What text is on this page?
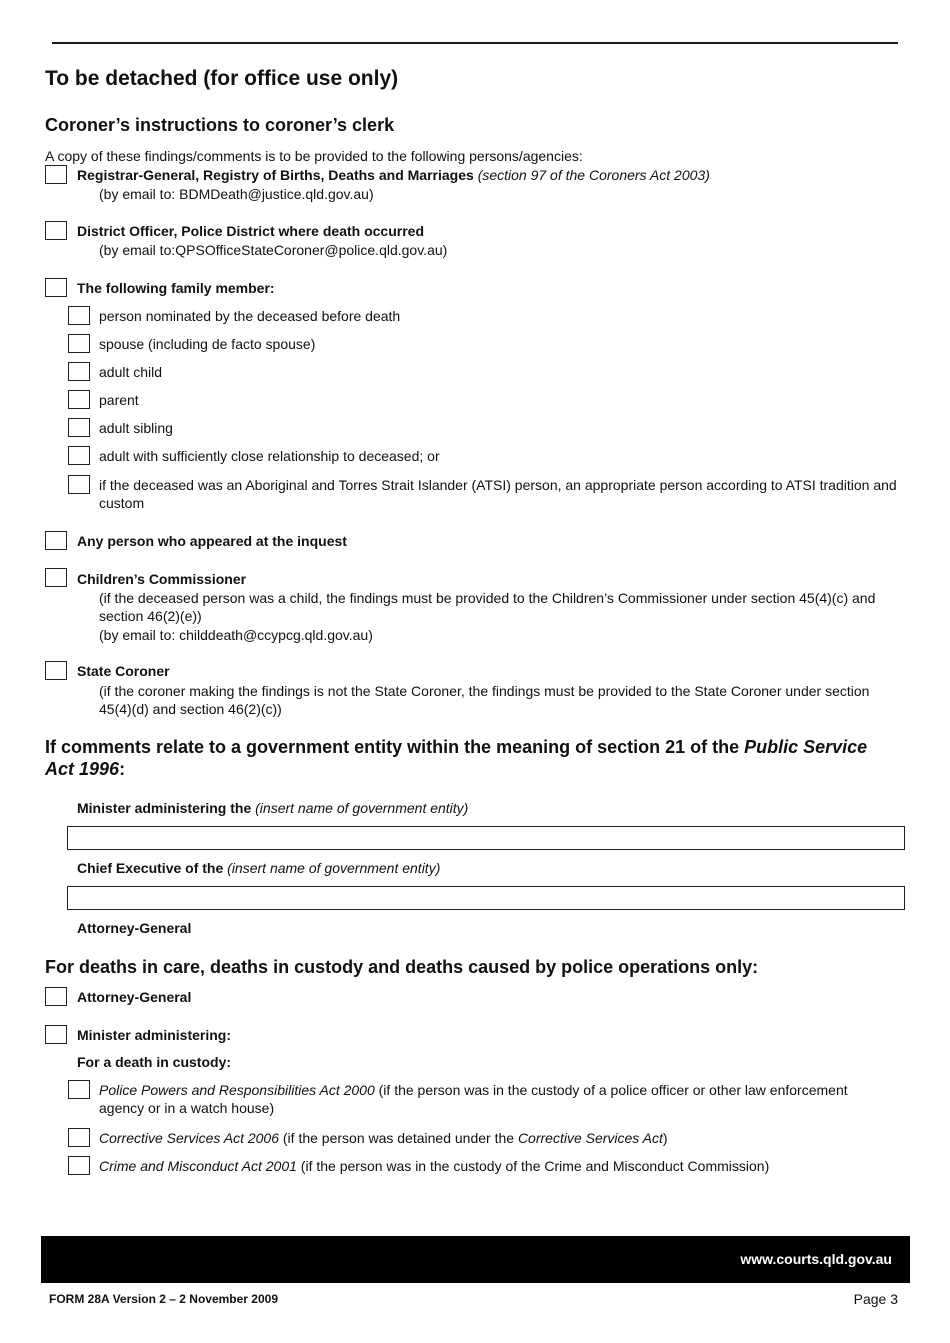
To be detached (for office use only)
Coroner’s instructions to coroner’s clerk
A copy of these findings/comments is to be provided to the following persons/agencies:
Registrar-General, Registry of Births, Deaths and Marriages (section 97 of the Coroners Act 2003)
(by email to: BDMDeath@justice.qld.gov.au)
District Officer, Police District where death occurred
(by email to:QPSOfficeStateCoroner@police.qld.gov.au)
The following family member:
person nominated by the deceased before death
spouse (including de facto spouse)
adult child
parent
adult sibling
adult with sufficiently close relationship to deceased; or
if the deceased was an Aboriginal and Torres Strait Islander (ATSI) person, an appropriate person according to ATSI tradition and custom
Any person who appeared at the inquest
Children’s Commissioner
(if the deceased person was a child, the findings must be provided to the Children’s Commissioner under section 45(4)(c) and section 46(2)(e))
(by email to: childdeath@ccypcg.qld.gov.au)
State Coroner
(if the coroner making the findings is not the State Coroner, the findings must be provided to the State Coroner under section 45(4)(d) and section 46(2)(c))
If comments relate to a government entity within the meaning of section 21 of the Public Service Act 1996:
Minister administering the (insert name of government entity)
Chief Executive of the (insert name of government entity)
Attorney-General
For deaths in care, deaths in custody and deaths caused by police operations only:
Attorney-General
Minister administering:
For a death in custody:
Police Powers and Responsibilities Act 2000 (if the person was in the custody of a police officer or other law enforcement agency or in a watch house)
Corrective Services Act 2006 (if the person was detained under the Corrective Services Act)
Crime and Misconduct Act 2001 (if the person was in the custody of the Crime and Misconduct Commission)
www.courts.qld.gov.au
FORM 28A Version 2 – 2 November 2009	Page 3
